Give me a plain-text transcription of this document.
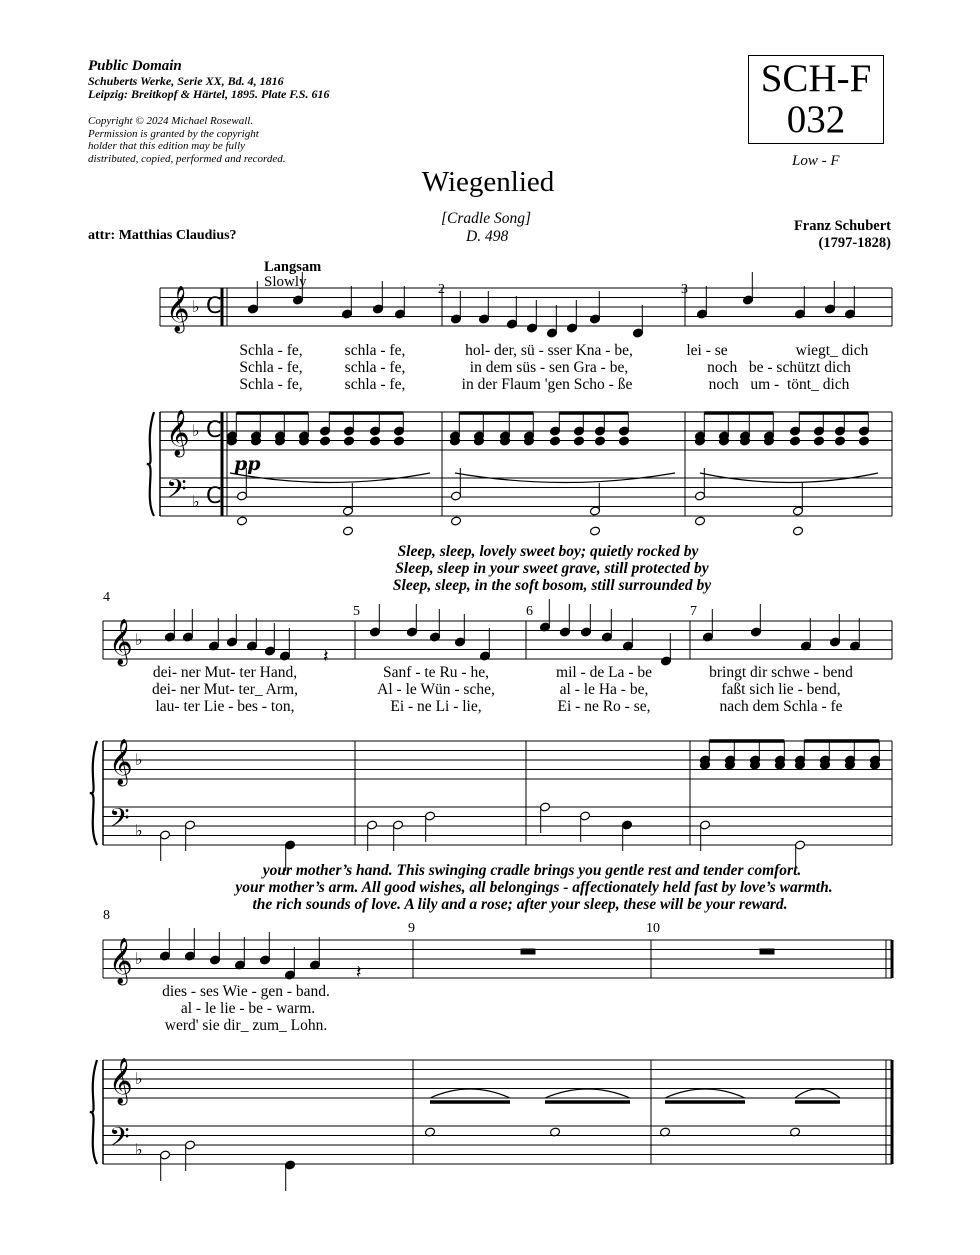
Public Domain
Schuberts Werke, Serie XX, Bd. 4, 1816
Leipzig: Breitkopf & Härtel, 1895. Plate F.S. 616
Copyright © 2024 Michael Rosewall.
Permission is granted by the copyright
holder that this edition may be fully
distributed, copied, performed and recorded.
SCH-F
032
Low - F
Wiegenlied
[Cradle Song]
D. 498
attr: Matthias Claudius?
Franz Schubert
(1797-1828)
Langsam
Slowly	2	3
4
5	6	7
8
9	10
pp
𝄞
𝄞
𝄢
♭
♭
♭
C
C
C
𝄞
𝄞
𝄢
♭
♭
♭
𝄞
𝄞
𝄢
♭
♭
♭
𝄽
𝄽
Schla - fe,	schla - fe,	hol- der, sü - sser Kna - be,	lei - se	wiegt_ dich
Schla - fe,	schla - fe,	in dem süs - sen Gra - be,	noch   be - schützt dich
Schla - fe,	schla - fe,	in der Flaum 'gen Scho - ße	noch   um -  tönt_ dich
Sleep, sleep, lovely sweet boy; quietly rocked by
Sleep, sleep in your sweet grave, still protected by
Sleep, sleep, in the soft bosom, still surrounded by
dei- ner Mut- ter Hand,	Sanf - te Ru - he,	mil - de La - be	bringt dir schwe - bend
dei- ner Mut- ter_ Arm,	Al - le Wün - sche,	al - le Ha - be,	faßt sich lie - bend,
lau- ter Lie - bes - ton,	Ei - ne Li - lie,	Ei - ne Ro - se,	nach dem Schla - fe
your mother’s hand. This swinging cradle brings you gentle rest and tender comfort.
your mother’s arm. All good wishes, all belongings - affectionately held fast by love’s warmth.
the rich sounds of love. A lily and a rose; after your sleep, these will be your reward.
dies - ses Wie - gen - band.
al - le lie - be - warm.
werd' sie dir_ zum_ Lohn.
